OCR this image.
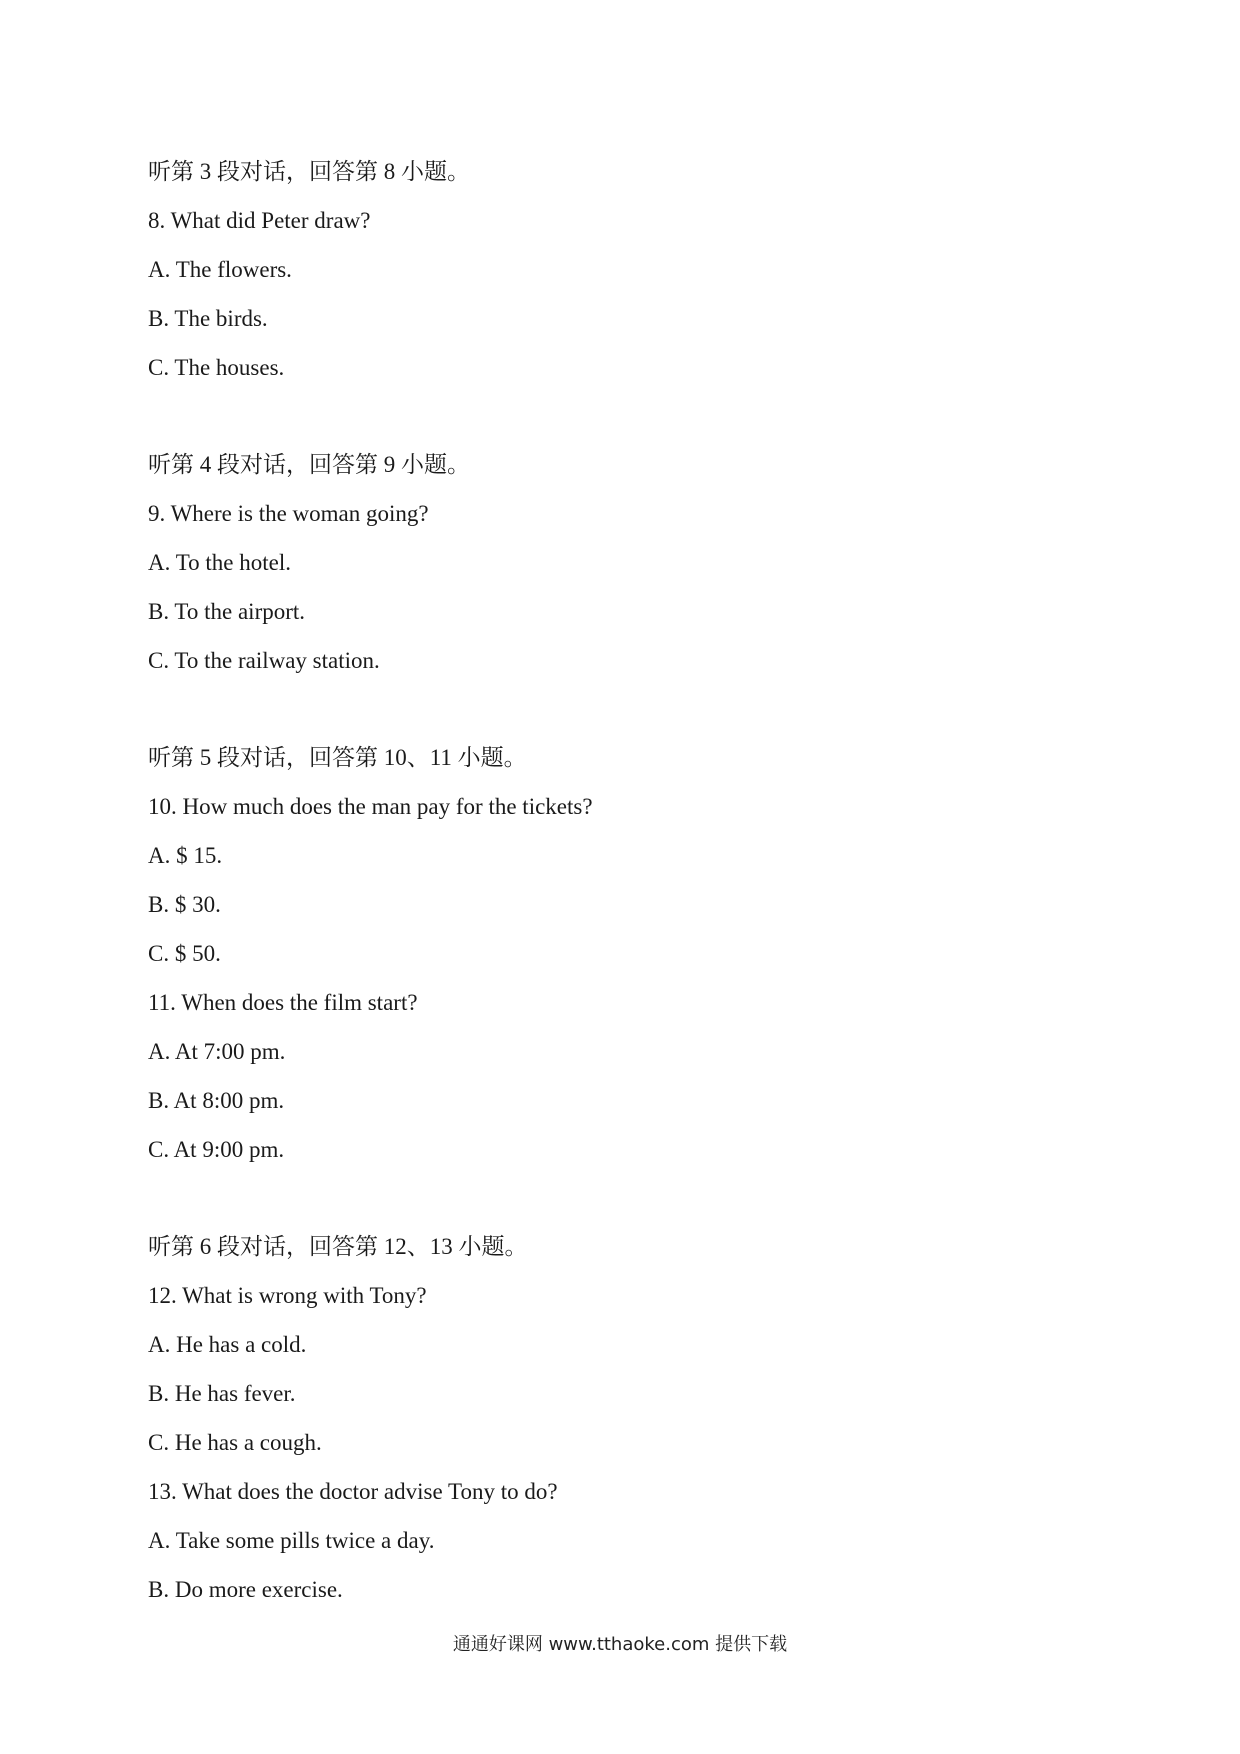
听第 3 段对话，回答第 8 小题。
8. What did Peter draw?
A. The flowers.
B. The birds.
C. The houses.
听第 4 段对话，回答第 9 小题。
9. Where is the woman going?
A. To the hotel.
B. To the airport.
C. To the railway station.
听第 5 段对话，回答第 10、11 小题。
10. How much does the man pay for the tickets?
A. $ 15.
B. $ 30.
C. $ 50.
11. When does the film start?
A. At 7:00 pm.
B. At 8:00 pm.
C. At 9:00 pm.
听第 6 段对话，回答第 12、13 小题。
12. What is wrong with Tony?
A. He has a cold.
B. He has fever.
C. He has a cough.
13. What does the doctor advise Tony to do?
A. Take some pills twice a day.
B. Do more exercise.
通通好课网 www.tthaoke.com 提供下载
